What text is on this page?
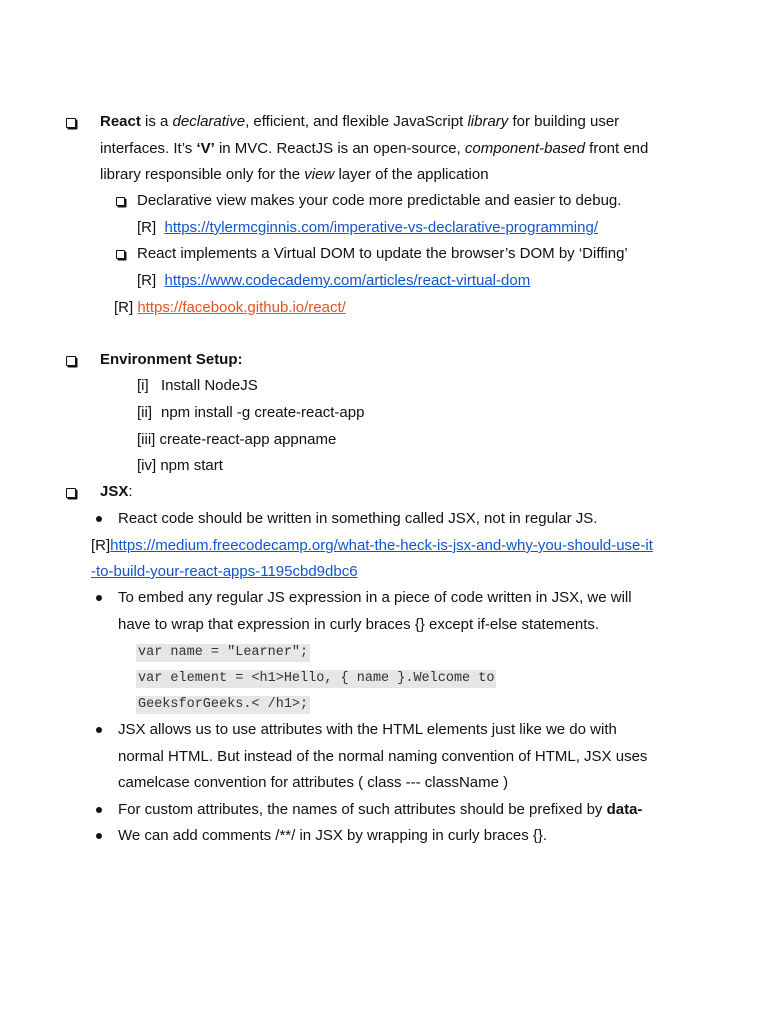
React is a declarative, efficient, and flexible JavaScript library for building user
interfaces. It’s ‘V’ in MVC. ReactJS is an open-source, component-based front end
library responsible only for the view layer of the application
Declarative view makes your code more predictable and easier to debug.
[R] https://tylermcginnis.com/imperative-vs-declarative-programming/
React implements a Virtual DOM to update the browser’s DOM by ‘Diffing’
[R] https://www.codecademy.com/articles/react-virtual-dom
[R] https://facebook.github.io/react/
Environment Setup:
[i] Install NodeJS
[ii] npm install -g create-react-app
[iii] create-react-app appname
[iv] npm start
JSX:
React code should be written in something called JSX, not in regular JS.
[R]https://medium.freecodecamp.org/what-the-heck-is-jsx-and-why-you-should-use-it
-to-build-your-react-apps-1195cbd9dbc6
To embed any regular JS expression in a piece of code written in JSX, we will
have to wrap that expression in curly braces {} except if-else statements.
var name = "Learner";
var element = <h1>Hello, { name }.Welcome to
GeeksforGeeks.< /h1>;
JSX allows us to use attributes with the HTML elements just like we do with
normal HTML. But instead of the normal naming convention of HTML, JSX uses
camelcase convention for attributes ( class --- className )
For custom attributes, the names of such attributes should be prefixed by data-
We can add comments /**/ in JSX by wrapping in curly braces {}.
